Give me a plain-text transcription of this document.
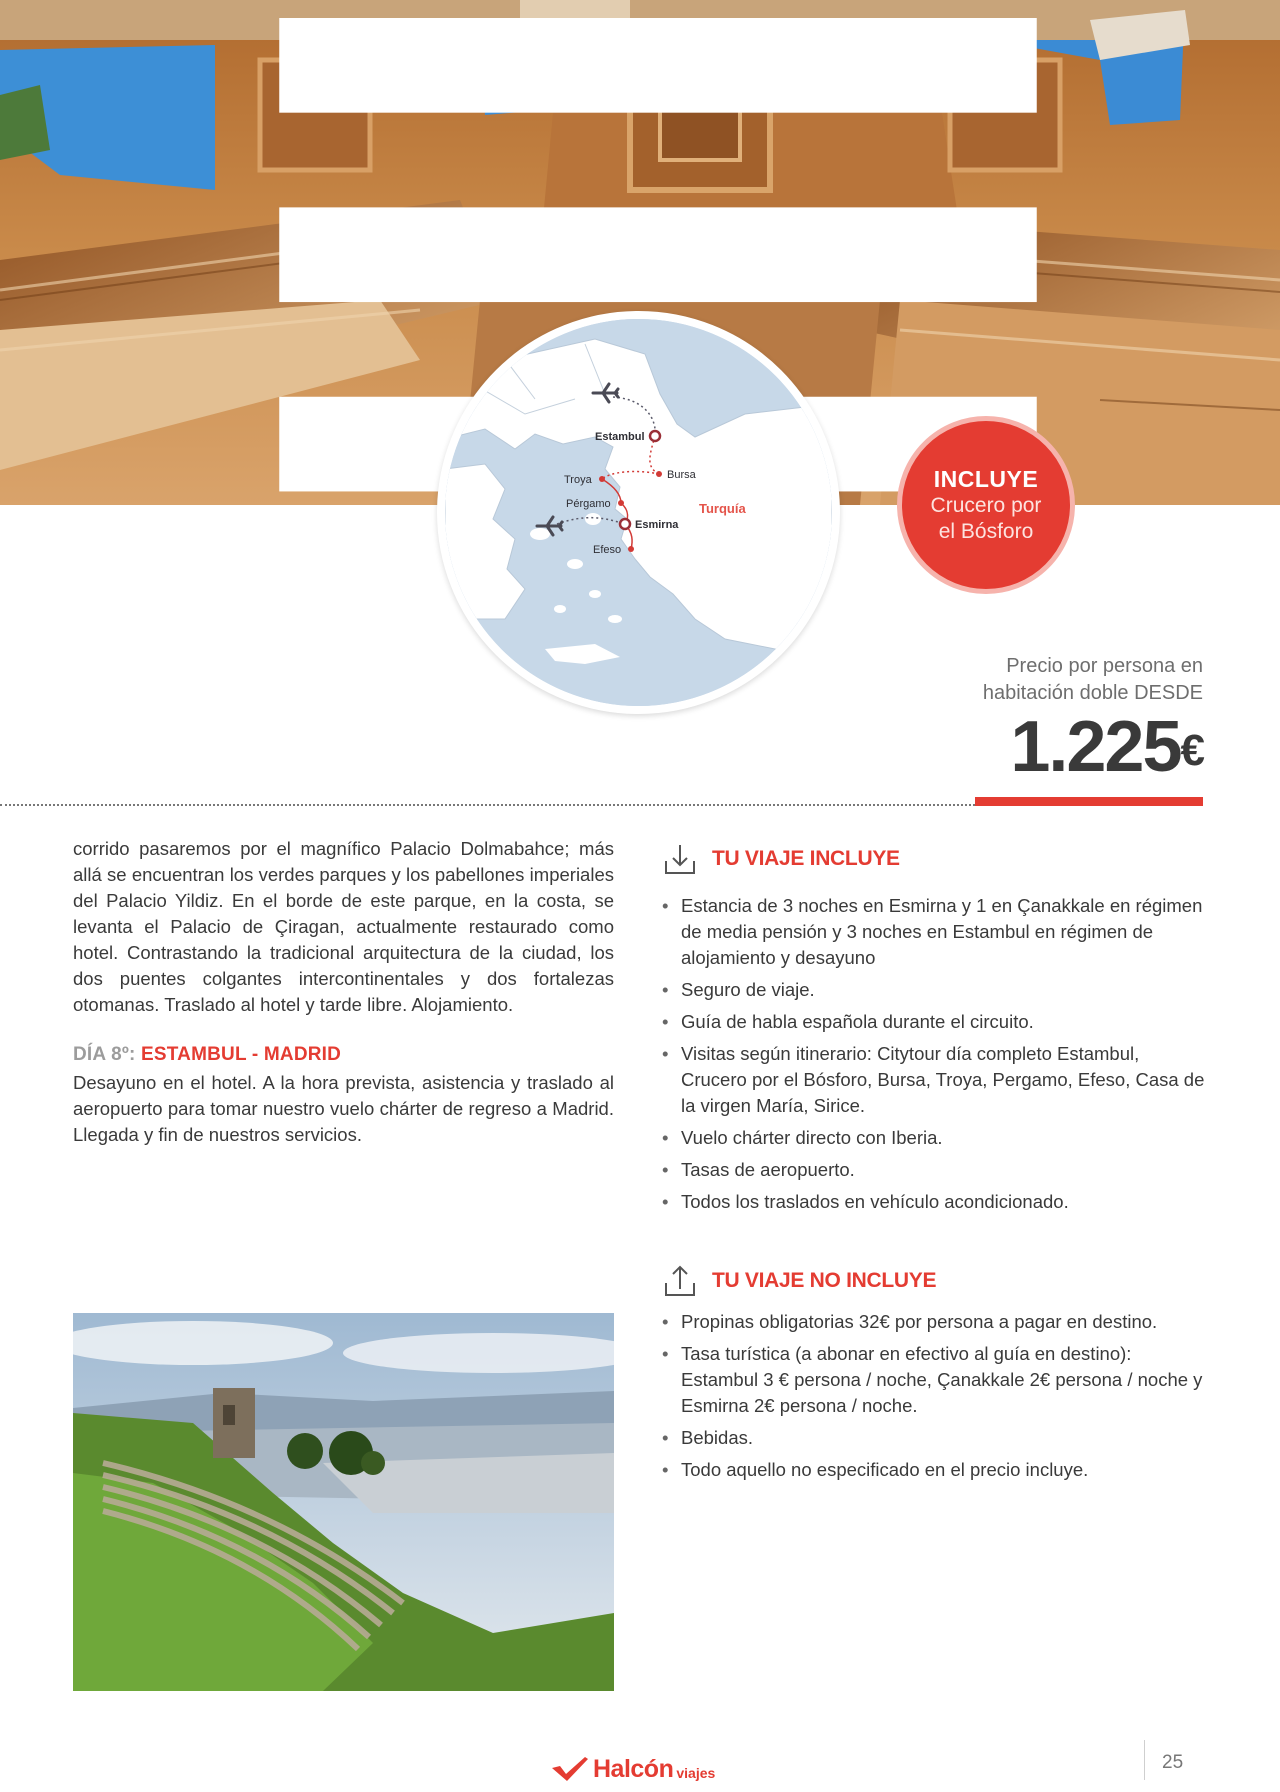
Estambul
Bursa
Troya
Pérgamo
Esmirna
Efeso
Turquía
INCLUYE
Crucero por
el Bósforo
Precio por persona en
habitación doble DESDE
1.225€

corrido pasaremos por el magnífico Palacio Dolmabahce; más allá se encuentran los verdes parques y los pabellones imperiales del Palacio Yildiz. En el borde de este parque, en la costa, se levanta el Palacio de Çiragan, actualmente restaurado como hotel. Contrastando la tradicional arquitectura de la ciudad, los dos puentes colgantes intercontinentales y dos fortalezas otomanas. Traslado al hotel y tarde libre. Alojamiento.

DÍA 8º: ESTAMBUL - MADRID
Desayuno en el hotel. A la hora prevista, asistencia y traslado al aeropuerto para tomar nuestro vuelo chárter de regreso a Madrid. Llegada y fin de nuestros servicios.
TU VIAJE INCLUYE
• Estancia de 3 noches en Esmirna y 1 en Çanakkale en régimen de media pensión y 3 noches en Estambul en régimen de alojamiento y desayuno
• Seguro de viaje.
• Guía de habla española durante el circuito.
• Visitas según itinerario: Citytour día completo Estambul, Crucero por el Bósforo, Bursa, Troya, Pergamo, Efeso, Casa de la virgen María, Sirice.
• Vuelo chárter directo con Iberia.
• Tasas de aeropuerto.
• Todos los traslados en vehículo acondicionado.
TU VIAJE NO INCLUYE
• Propinas obligatorias 32€ por persona a pagar en destino.
• Tasa turística (a abonar en efectivo al guía en destino): Estambul 3 € persona / noche, Çanakkale 2€ persona / noche y Esmirna 2€ persona / noche.
• Bebidas.
• Todo aquello no especificado en el precio incluye.
Halcón viajes	25
